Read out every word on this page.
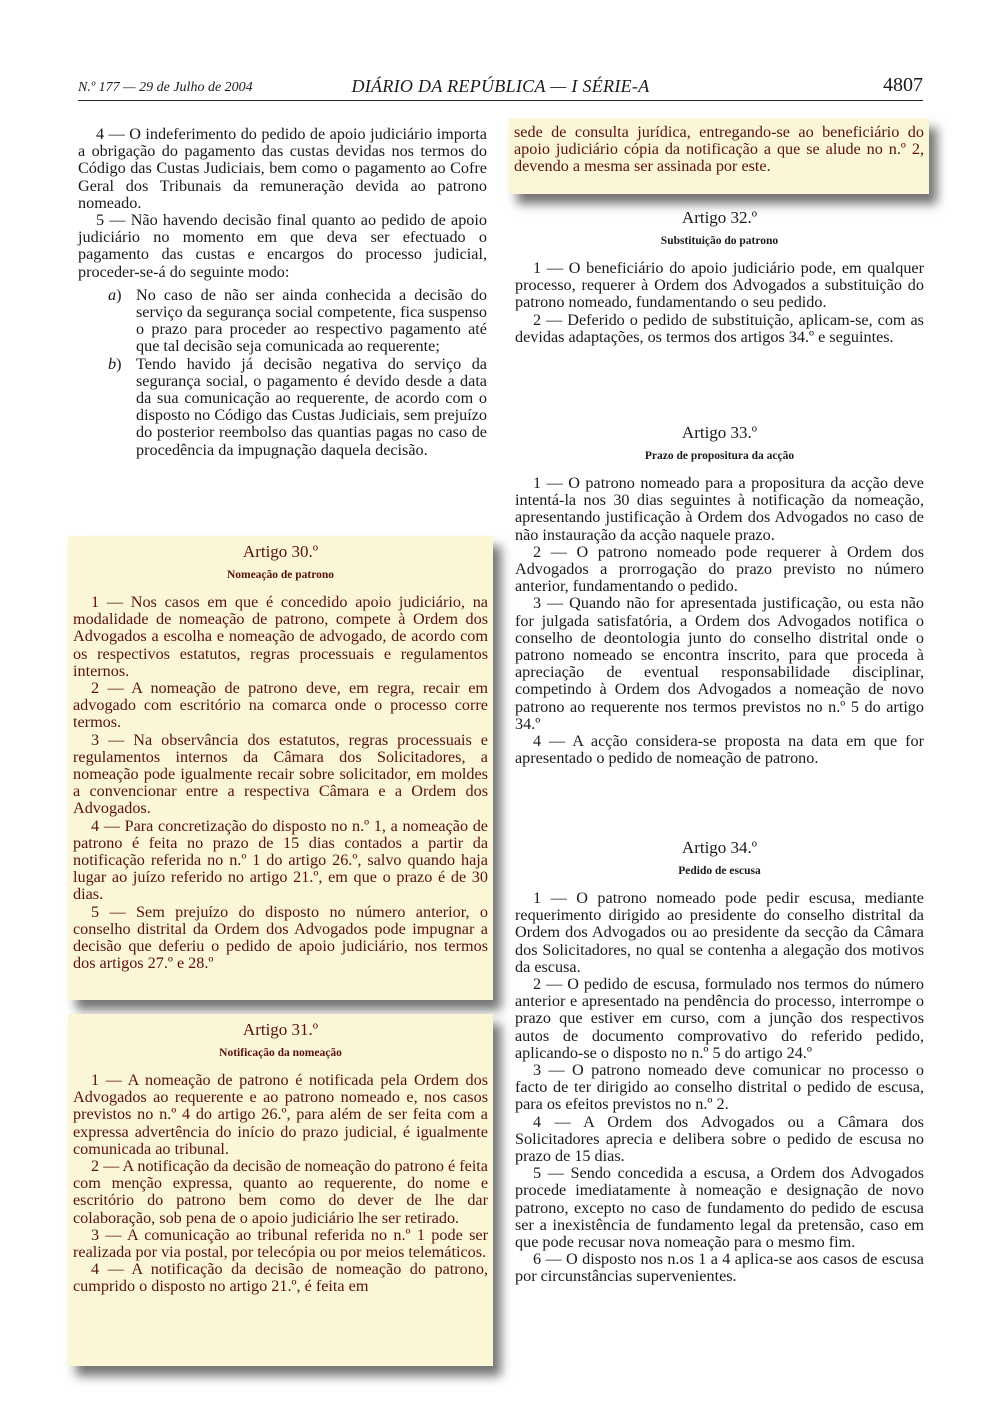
N.º 177 — 29 de Julho de 2004	DIÁRIO DA REPÚBLICA — I SÉRIE-A	4807

4 — O indeferimento do pedido de apoio judiciário importa a obrigação do pagamento das custas devidas nos termos do Código das Custas Judiciais, bem como o pagamento ao Cofre Geral dos Tribunais da remuneração devida ao patrono nomeado.

5 — Não havendo decisão final quanto ao pedido de apoio judiciário no momento em que deva ser efectuado o pagamento das custas e encargos do processo judicial, proceder-se-á do seguinte modo:

a) No caso de não ser ainda conhecida a decisão do serviço da segurança social competente, fica suspenso o prazo para proceder ao respectivo pagamento até que tal decisão seja comunicada ao requerente;
b) Tendo havido já decisão negativa do serviço da segurança social, o pagamento é devido desde a data da sua comunicação ao requerente, de acordo com o disposto no Código das Custas Judiciais, sem prejuízo do posterior reembolso das quantias pagas no caso de procedência da impugnação daquela decisão.
Artigo 30.º
Nomeação de patrono

1 — Nos casos em que é concedido apoio judiciário, na modalidade de nomeação de patrono, compete à Ordem dos Advogados a escolha e nomeação de advogado, de acordo com os respectivos estatutos, regras processuais e regulamentos internos.

2 — A nomeação de patrono deve, em regra, recair em advogado com escritório na comarca onde o processo corre termos.

3 — Na observância dos estatutos, regras processuais e regulamentos internos da Câmara dos Solicitadores, a nomeação pode igualmente recair sobre solicitador, em moldes a convencionar entre a respectiva Câmara e a Ordem dos Advogados.

4 — Para concretização do disposto no n.º 1, a nomeação de patrono é feita no prazo de 15 dias contados a partir da notificação referida no n.º 1 do artigo 26.º, salvo quando haja lugar ao juízo referido no artigo 21.º, em que o prazo é de 30 dias.

5 — Sem prejuízo do disposto no número anterior, o conselho distrital da Ordem dos Advogados pode impugnar a decisão que deferiu o pedido de apoio judiciário, nos termos dos artigos 27.º e 28.º

Artigo 31.º
Notificação da nomeação

1 — A nomeação de patrono é notificada pela Ordem dos Advogados ao requerente e ao patrono nomeado e, nos casos previstos no n.º 4 do artigo 26.º, para além de ser feita com a expressa advertência do início do prazo judicial, é igualmente comunicada ao tribunal.

2 — A notificação da decisão de nomeação do patrono é feita com menção expressa, quanto ao requerente, do nome e escritório do patrono bem como do dever de lhe dar colaboração, sob pena de o apoio judiciário lhe ser retirado.

3 — A comunicação ao tribunal referida no n.º 1 pode ser realizada por via postal, por telecópia ou por meios telemáticos.

4 — A notificação da decisão de nomeação do patrono, cumprido o disposto no artigo 21.º, é feita em

sede de consulta jurídica, entregando-se ao beneficiário do apoio judiciário cópia da notificação a que se alude no n.º 2, devendo a mesma ser assinada por este.

Artigo 32.º
Substituição do patrono

1 — O beneficiário do apoio judiciário pode, em qualquer processo, requerer à Ordem dos Advogados a substituição do patrono nomeado, fundamentando o seu pedido.

2 — Deferido o pedido de substituição, aplicam-se, com as devidas adaptações, os termos dos artigos 34.º e seguintes.

Artigo 33.º
Prazo de propositura da acção

1 — O patrono nomeado para a propositura da acção deve intentá-la nos 30 dias seguintes à notificação da nomeação, apresentando justificação à Ordem dos Advogados no caso de não instauração da acção naquele prazo.

2 — O patrono nomeado pode requerer à Ordem dos Advogados a prorrogação do prazo previsto no número anterior, fundamentando o pedido.

3 — Quando não for apresentada justificação, ou esta não for julgada satisfatória, a Ordem dos Advogados notifica o conselho de deontologia junto do conselho distrital onde o patrono nomeado se encontra inscrito, para que proceda à apreciação de eventual responsabilidade disciplinar, competindo à Ordem dos Advogados a nomeação de novo patrono ao requerente nos termos previstos no n.º 5 do artigo 34.º

4 — A acção considera-se proposta na data em que for apresentado o pedido de nomeação de patrono.

Artigo 34.º
Pedido de escusa

1 — O patrono nomeado pode pedir escusa, mediante requerimento dirigido ao presidente do conselho distrital da Ordem dos Advogados ou ao presidente da secção da Câmara dos Solicitadores, no qual se contenha a alegação dos motivos da escusa.

2 — O pedido de escusa, formulado nos termos do número anterior e apresentado na pendência do processo, interrompe o prazo que estiver em curso, com a junção dos respectivos autos de documento comprovativo do referido pedido, aplicando-se o disposto no n.º 5 do artigo 24.º

3 — O patrono nomeado deve comunicar no processo o facto de ter dirigido ao conselho distrital o pedido de escusa, para os efeitos previstos no n.º 2.

4 — A Ordem dos Advogados ou a Câmara dos Solicitadores aprecia e delibera sobre o pedido de escusa no prazo de 15 dias.

5 — Sendo concedida a escusa, a Ordem dos Advogados procede imediatamente à nomeação e designação de novo patrono, excepto no caso de fundamento do pedido de escusa ser a inexistência de fundamento legal da pretensão, caso em que pode recusar nova nomeação para o mesmo fim.

6 — O disposto nos n.os 1 a 4 aplica-se aos casos de escusa por circunstâncias supervenientes.
